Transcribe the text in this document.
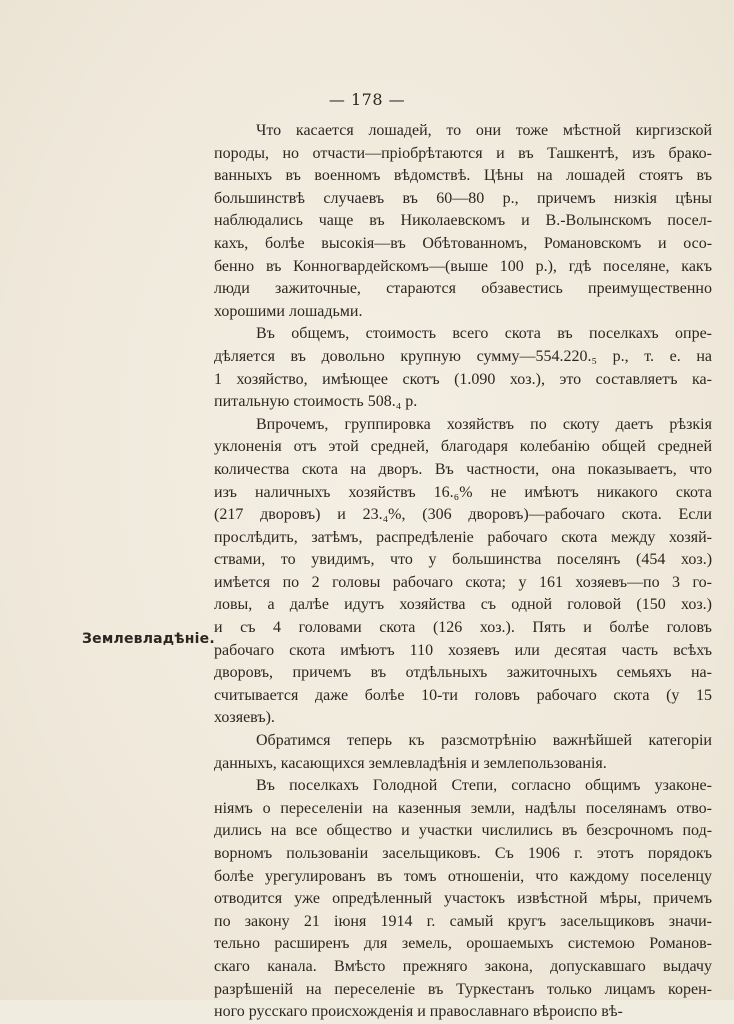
— 178 —
Землевладѣніе.
Что касается лошадей, то они тоже мѣстной киргизской
породы, но отчасти—пріобрѣтаются и въ Ташкентѣ, изъ брако-
ванныхъ въ военномъ вѣдомствѣ. Цѣны на лошадей стоятъ въ
большинствѣ случаевъ въ 60—80 р., причемъ низкія цѣны
наблюдались чаще въ Николаевскомъ и В.-Волынскомъ посел-
кахъ, болѣе высокія—въ Обѣтованномъ, Романовскомъ и осо-
бенно въ Конногвардейскомъ—(выше 100 р.), гдѣ поселяне, какъ
люди зажиточные, стараются обзавестись преимущественно
хорошими лошадьми.
Въ общемъ, стоимость всего скота въ поселкахъ опре-
дѣляется въ довольно крупную сумму—554.220.₅ р., т. е. на
1 хозяйство, имѣющее скотъ (1.090 хоз.), это составляетъ ка-
питальную стоимость 508.₄ р.
Впрочемъ, группировка хозяйствъ по скоту даетъ рѣзкія
уклоненія отъ этой средней, благодаря колебанію общей средней
количества скота на дворъ. Въ частности, она показываетъ, что
изъ наличныхъ хозяйствъ 16.₆% не имѣютъ никакого скота
(217 дворовъ) и 23.₄%, (306 дворовъ)—рабочаго скота. Если
прослѣдить, затѣмъ, распредѣленіе рабочаго скота между хозяй-
ствами, то увидимъ, что у большинства поселянъ (454 хоз.)
имѣется по 2 головы рабочаго скота; у 161 хозяевъ—по 3 го-
ловы, а далѣе идутъ хозяйства съ одной головой (150 хоз.)
и съ 4 головами скота (126 хоз.). Пять и болѣе головъ
рабочаго скота имѣютъ 110 хозяевъ или десятая часть всѣхъ
дворовъ, причемъ въ отдѣльныхъ зажиточныхъ семьяхъ на-
считывается даже болѣе 10-ти головъ рабочаго скота (у 15
хозяевъ).
Обратимся теперь къ разсмотрѣнію важнѣйшей категоріи
данныхъ, касающихся землевладѣнія и землепользованія.
Въ поселкахъ Голодной Степи, согласно общимъ узаконе-
ніямъ о переселеніи на казенныя земли, надѣлы поселянамъ отво-
дились на все общество и участки числились въ безсрочномъ под-
ворномъ пользованіи засельщиковъ. Съ 1906 г. этотъ порядокъ
болѣе урегулированъ въ томъ отношеніи, что каждому поселенцу
отводится уже опредѣленный участокъ извѣстной мѣры, причемъ
по закону 21 іюня 1914 г. самый кругъ засельщиковъ значи-
тельно расширенъ для земель, орошаемыхъ системою Романов-
скаго канала. Вмѣсто прежняго закона, допускавшаго выдачу
разрѣшеній на переселеніе въ Туркестанъ только лицамъ корен-
ного русскаго происхожденія и православнаго вѣроиспо вѣ-
